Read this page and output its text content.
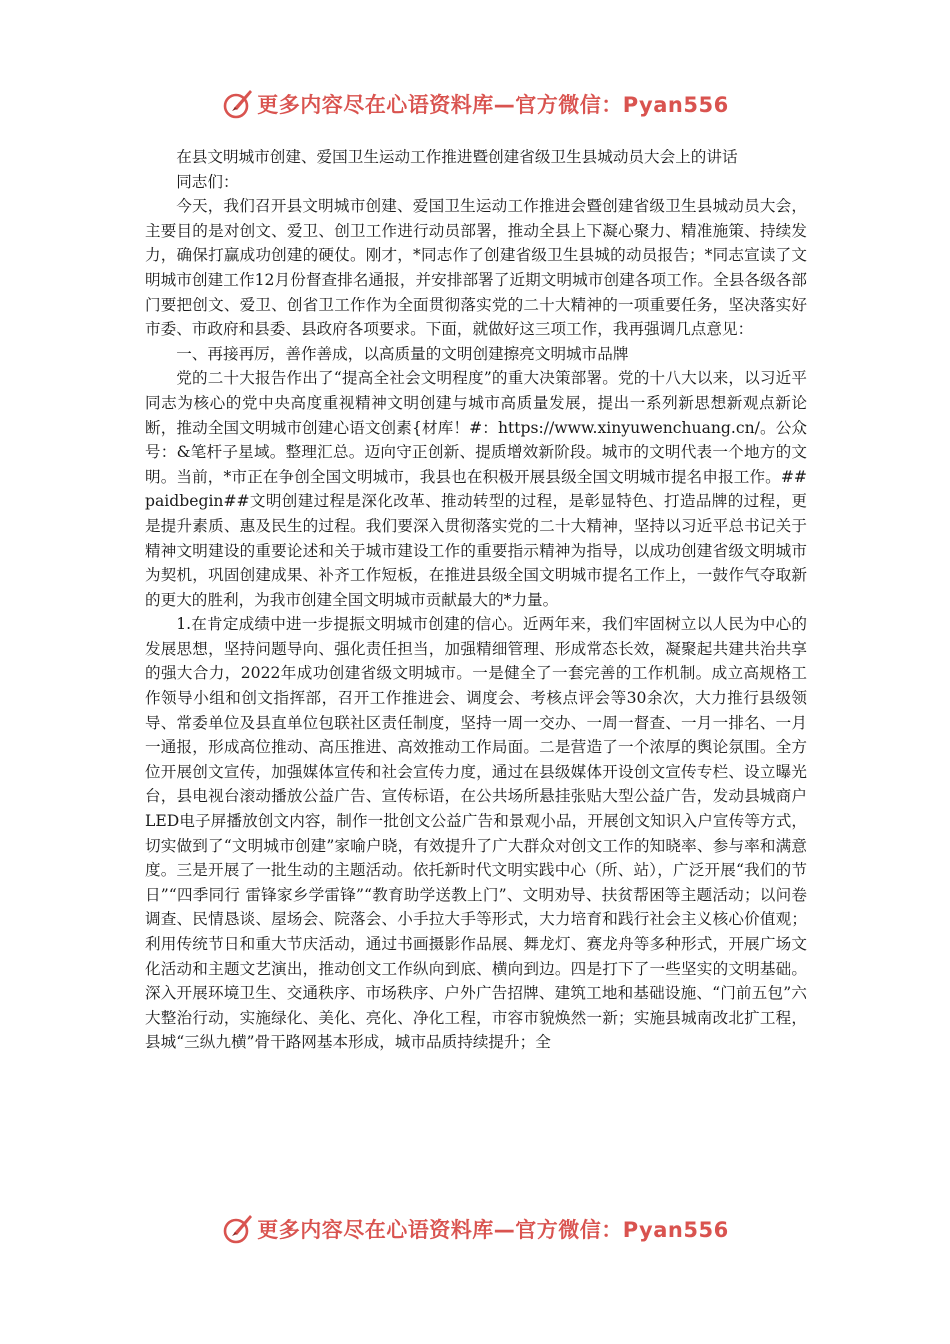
更多内容尽在心语资料库—官方微信：Pyan556

在县文明城市创建、爱国卫生运动工作推进暨创建省级卫生县城动员大会上的讲话

同志们：

今天，我们召开县文明城市创建、爱国卫生运动工作推进会暨创建省级卫生县城动员大会，主要目的是对创文、爱卫、创卫工作进行动员部署，推动全县上下凝心聚力、精准施策、持续发力，确保打赢成功创建的硬仗。刚才，*同志作了创建省级卫生县城的动员报告；*同志宣读了文明城市创建工作12月份督查排名通报，并安排部署了近期文明城市创建各项工作。全县各级各部门要把创文、爱卫、创省卫工作作为全面贯彻落实党的二十大精神的一项重要任务，坚决落实好市委、市政府和县委、县政府各项要求。下面，就做好这三项工作，我再强调几点意见：

一、再接再厉，善作善成，以高质量的文明创建擦亮文明城市品牌

党的二十大报告作出了“提高全社会文明程度”的重大决策部署。党的十八大以来，以习近平同志为核心的党中央高度重视精神文明创建与城市高质量发展，提出一系列新思想新观点新论断，推动全国文明城市创建心语文创素{材库！#：https://www.xinyuwenchuang.cn/。公众号：&笔杆子星域。整理汇总。迈向守正创新、提质增效新阶段。城市的文明代表一个地方的文明。当前，*市正在争创全国文明城市，我县也在积极开展县级全国文明城市提名申报工作。##paidbegin##文明创建过程是深化改革、推动转型的过程，是彰显特色、打造品牌的过程，更是提升素质、惠及民生的过程。我们要深入贯彻落实党的二十大精神，坚持以习近平总书记关于精神文明建设的重要论述和关于城市建设工作的重要指示精神为指导，以成功创建省级文明城市为契机，巩固创建成果、补齐工作短板，在推进县级全国文明城市提名工作上，一鼓作气夺取新的更大的胜利，为我市创建全国文明城市贡献最大的*力量。

1.在肯定成绩中进一步提振文明城市创建的信心。近两年来，我们牢固树立以人民为中心的发展思想，坚持问题导向、强化责任担当，加强精细管理、形成常态长效，凝聚起共建共治共享的强大合力，2022年成功创建省级文明城市。一是健全了一套完善的工作机制。成立高规格工作领导小组和创文指挥部，召开工作推进会、调度会、考核点评会等30余次，大力推行县级领导、常委单位及县直单位包联社区责任制度，坚持一周一交办、一周一督查、一月一排名、一月一通报，形成高位推动、高压推进、高效推动工作局面。二是营造了一个浓厚的舆论氛围。全方位开展创文宣传，加强媒体宣传和社会宣传力度，通过在县级媒体开设创文宣传专栏、设立曝光台，县电视台滚动播放公益广告、宣传标语，在公共场所悬挂张贴大型公益广告，发动县城商户LED电子屏播放创文内容，制作一批创文公益广告和景观小品，开展创文知识入户宣传等方式，切实做到了“文明城市创建”家喻户晓，有效提升了广大群众对创文工作的知晓率、参与率和满意度。三是开展了一批生动的主题活动。依托新时代文明实践中心（所、站），广泛开展“我们的节日”“四季同行 雷锋家乡学雷锋”“教育助学送教上门”、文明劝导、扶贫帮困等主题活动；以问卷调查、民情恳谈、屋场会、院落会、小手拉大手等形式，大力培育和践行社会主义核心价值观；利用传统节日和重大节庆活动，通过书画摄影作品展、舞龙灯、赛龙舟等多种形式，开展广场文化活动和主题文艺演出，推动创文工作纵向到底、横向到边。四是打下了一些坚实的文明基础。深入开展环境卫生、交通秩序、市场秩序、户外广告招牌、建筑工地和基础设施、“门前五包”六大整治行动，实施绿化、美化、亮化、净化工程，市容市貌焕然一新；实施县城南改北扩工程，县城“三纵九横”骨干路网基本形成，城市品质持续提升；全

更多内容尽在心语资料库—官方微信：Pyan556
